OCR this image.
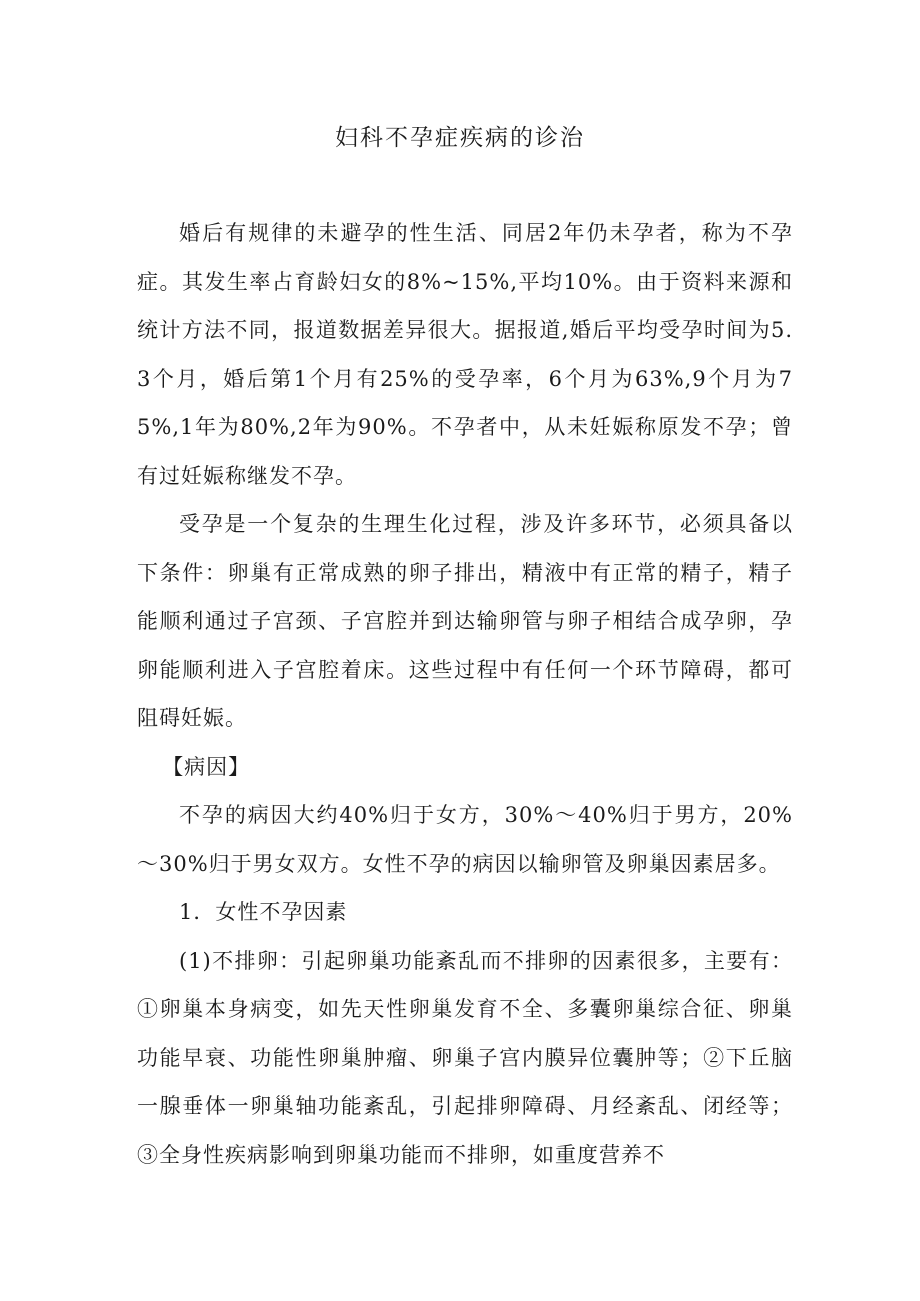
妇科不孕症疾病的诊治

婚后有规律的未避孕的性生活、同居2年仍未孕者，称为不孕症。其发生率占育龄妇女的8%~15%,平均10%。由于资料来源和统计方法不同，报道数据差异很大。据报道,婚后平均受孕时间为5.3个月，婚后第1个月有25%的受孕率，6个月为63%,9个月为75%,1年为80%,2年为90%。不孕者中，从未妊娠称原发不孕；曾有过妊娠称继发不孕。

受孕是一个复杂的生理生化过程，涉及许多环节，必须具备以下条件：卵巢有正常成熟的卵子排出，精液中有正常的精子，精子能顺利通过子宫颈、子宫腔并到达输卵管与卵子相结合成孕卵，孕卵能顺利进入子宫腔着床。这些过程中有任何一个环节障碍，都可阻碍妊娠。

【病因】

不孕的病因大约40%归于女方，30%～40%归于男方，20%～30%归于男女双方。女性不孕的病因以输卵管及卵巢因素居多。

1．女性不孕因素

(1)不排卵：引起卵巢功能紊乱而不排卵的因素很多，主要有：①卵巢本身病变，如先天性卵巢发育不全、多囊卵巢综合征、卵巢功能早衰、功能性卵巢肿瘤、卵巢子宫内膜异位囊肿等；②下丘脑一腺垂体一卵巢轴功能紊乱，引起排卵障碍、月经紊乱、闭经等；③全身性疾病影响到卵巢功能而不排卵，如重度营养不
